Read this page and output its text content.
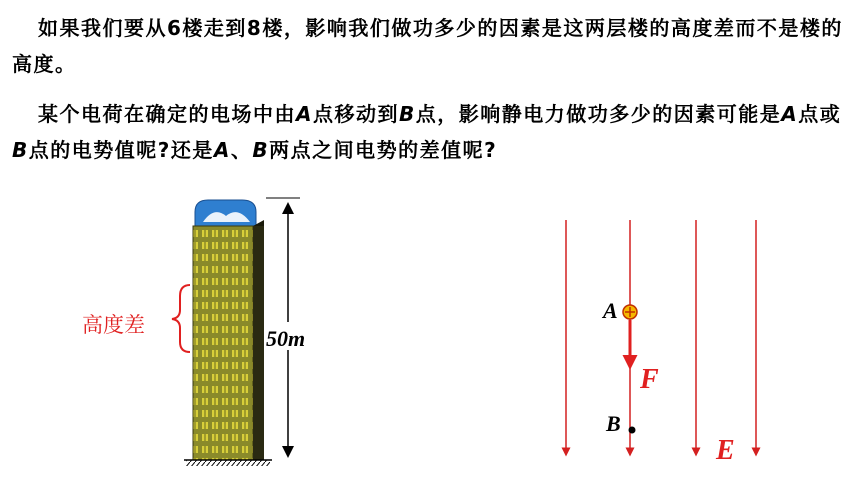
如果我们要从6楼走到8楼，影响我们做功多少的因素是这两层楼的高度差而不是楼的高度。

某个电荷在确定的电场中由A点移动到B点，影响静电力做功多少的因素可能是A点或B点的电势值呢?还是A、B两点之间电势的差值呢?

50m
高度差
F
A
B
E
